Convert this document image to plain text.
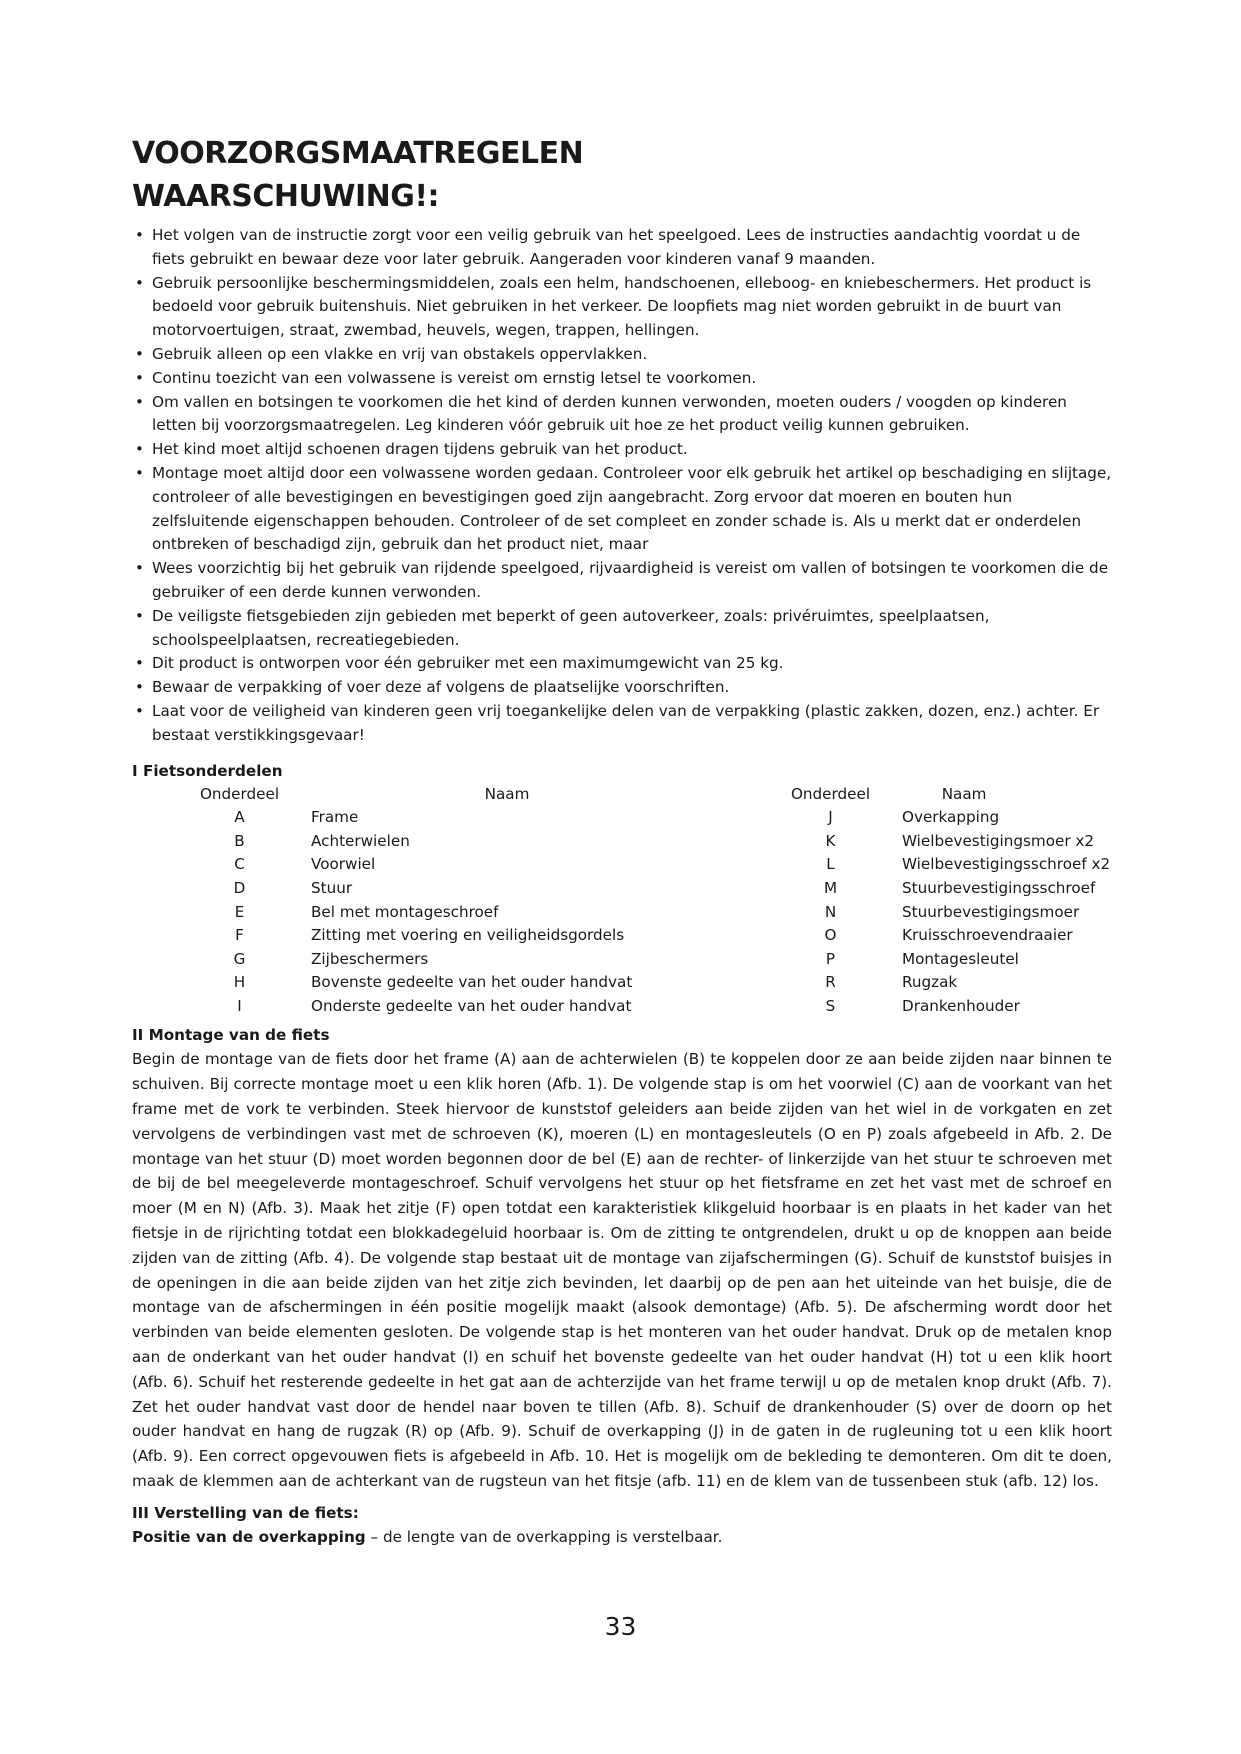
VOORZORGSMAATREGELEN
WAARSCHUWING!:
• Het volgen van de instructie zorgt voor een veilig gebruik van het speelgoed. Lees de instructies aandachtig voordat u de fiets gebruikt en bewaar deze voor later gebruik. Aangeraden voor kinderen vanaf 9 maanden.
• Gebruik persoonlijke beschermingsmiddelen, zoals een helm, handschoenen, elleboog- en kniebeschermers. Het product is bedoeld voor gebruik buitenshuis. Niet gebruiken in het verkeer. De loopfiets mag niet worden gebruikt in de buurt van motorvoertuigen, straat, zwembad, heuvels, wegen, trappen, hellingen.
• Gebruik alleen op een vlakke en vrij van obstakels oppervlakken.
• Continu toezicht van een volwassene is vereist om ernstig letsel te voorkomen.
• Om vallen en botsingen te voorkomen die het kind of derden kunnen verwonden, moeten ouders / voogden op kinderen letten bij voorzorgsmaatregelen. Leg kinderen vóór gebruik uit hoe ze het product veilig kunnen gebruiken.
• Het kind moet altijd schoenen dragen tijdens gebruik van het product.
• Montage moet altijd door een volwassene worden gedaan. Controleer voor elk gebruik het artikel op beschadiging en slijtage, controleer of alle bevestigingen en bevestigingen goed zijn aangebracht. Zorg ervoor dat moeren en bouten hun zelfsluitende eigenschappen behouden. Controleer of de set compleet en zonder schade is. Als u merkt dat er onderdelen ontbreken of beschadigd zijn, gebruik dan het product niet, maar
• Wees voorzichtig bij het gebruik van rijdende speelgoed, rijvaardigheid is vereist om vallen of botsingen te voorkomen die de gebruiker of een derde kunnen verwonden.
• De veiligste fietsgebieden zijn gebieden met beperkt of geen autoverkeer, zoals: privéruimtes, speelplaatsen, schoolspeelplaatsen, recreatiegebieden.
• Dit product is ontworpen voor één gebruiker met een maximumgewicht van 25 kg.
• Bewaar de verpakking of voer deze af volgens de plaatselijke voorschriften.
• Laat voor de veiligheid van kinderen geen vrij toegankelijke delen van de verpakking (plastic zakken, dozen, enz.) achter. Er bestaat verstikkingsgevaar!
I Fietsonderdelen
Onderdeel	Naam	Onderdeel	Naam
A	Frame	J	Overkapping
B	Achterwielen	K	Wielbevestigingsmoer x2
C	Voorwiel	L	Wielbevestigingsschroef x2
D	Stuur	M	Stuurbevestigingsschroef
E	Bel met montageschroef	N	Stuurbevestigingsmoer
F	Zitting met voering en veiligheidsgordels	O	Kruisschroevendraaier
G	Zijbeschermers	P	Montagesleutel
H	Bovenste gedeelte van het ouder handvat	R	Rugzak
I	Onderste gedeelte van het ouder handvat	S	Drankenhouder
II Montage van de fiets

Begin de montage van de fiets door het frame (A) aan de achterwielen (B) te koppelen door ze aan beide zijden naar binnen te schuiven. Bij correcte montage moet u een klik horen (Afb. 1). De volgende stap is om het voorwiel (C) aan de voorkant van het frame met de vork te verbinden. Steek hiervoor de kunststof geleiders aan beide zijden van het wiel in de vorkgaten en zet vervolgens de verbindingen vast met de schroeven (K), moeren (L) en montagesleutels (O en P) zoals afgebeeld in Afb. 2. De montage van het stuur (D) moet worden begonnen door de bel (E) aan de rechter- of linkerzijde van het stuur te schroeven met de bij de bel meegeleverde montageschroef. Schuif vervolgens het stuur op het fietsframe en zet het vast met de schroef en moer (M en N) (Afb. 3). Maak het zitje (F) open totdat een karakteristiek klikgeluid hoorbaar is en plaats in het kader van het fietsje in de rijrichting totdat een blokkadegeluid hoorbaar is. Om de zitting te ontgrendelen, drukt u op de knoppen aan beide zijden van de zitting (Afb. 4). De volgende stap bestaat uit de montage van zijafschermingen (G). Schuif de kunststof buisjes in de openingen in die aan beide zijden van het zitje zich bevinden, let daarbij op de pen aan het uiteinde van het buisje, die de montage van de afschermingen in één positie mogelijk maakt (alsook demontage) (Afb. 5). De afscherming wordt door het verbinden van beide elementen gesloten. De volgende stap is het monteren van het ouder handvat. Druk op de metalen knop aan de onderkant van het ouder handvat (I) en schuif het bovenste gedeelte van het ouder handvat (H) tot u een klik hoort (Afb. 6). Schuif het resterende gedeelte in het gat aan de achterzijde van het frame terwijl u op de metalen knop drukt (Afb. 7). Zet het ouder handvat vast door de hendel naar boven te tillen (Afb. 8). Schuif de drankenhouder (S) over de doorn op het ouder handvat en hang de rugzak (R) op (Afb. 9). Schuif de overkapping (J) in de gaten in de rugleuning tot u een klik hoort (Afb. 9). Een correct opgevouwen fiets is afgebeeld in Afb. 10. Het is mogelijk om de bekleding te demonteren. Om dit te doen, maak de klemmen aan de achterkant van de rugsteun van het fitsje (afb. 11) en de klem van de tussenbeen stuk (afb. 12) los.

III Verstelling van de fiets:

Positie van de overkapping – de lengte van de overkapping is verstelbaar.

33
